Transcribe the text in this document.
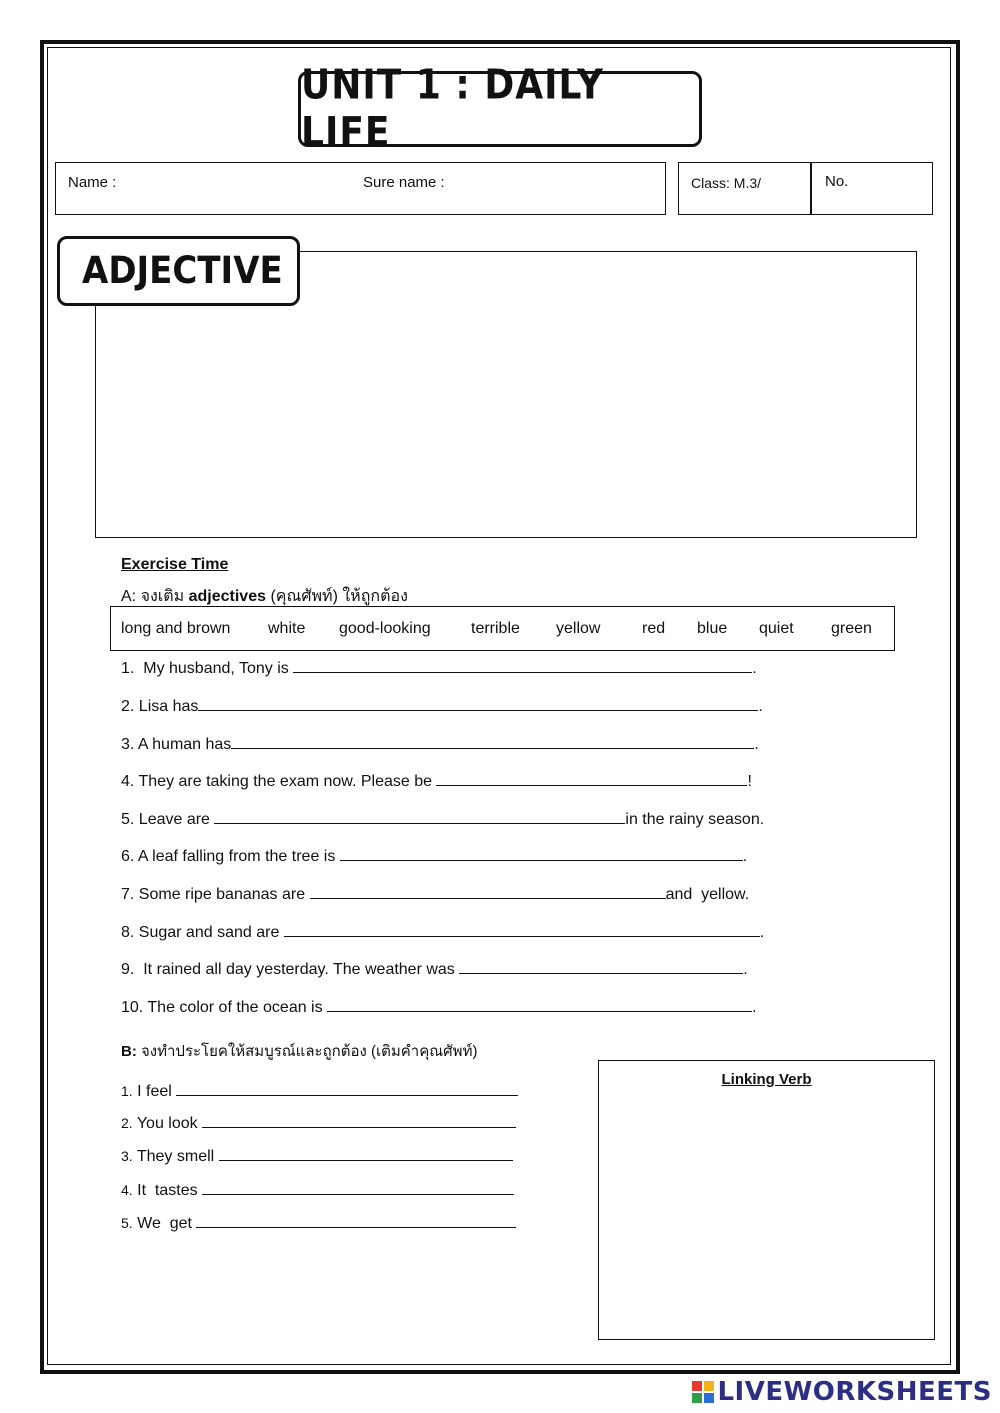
UNIT 1 : DAILY LIFE
Name :	Sure name :	Class: M.3/	No.
ADJECTIVE
Exercise Time
A: จงเติม adjectives (คุณศัพท์) ให้ถูกต้อง
long and brown white good-looking	terrible yellow	red blue quiet green
1.  My husband, Tony is	.
2. Lisa has	.
3. A human has	.
4. They are taking the exam now. Please be	!
5. Leave are	in the rainy season.
6. A leaf falling from the tree is	.
7. Some ripe bananas are	and  yellow.
8. Sugar and sand are	.
9.  It rained all day yesterday. The weather was	.
10. The color of the ocean is	.
B: จงทำประโยคให้สมบูรณ์และถูกต้อง (เติมคำคุณศัพท์)
1. I feel
2. You look
3. They smell
4. It  tastes
5. We  get
Linking Verb
LIVEWORKSHEETS
